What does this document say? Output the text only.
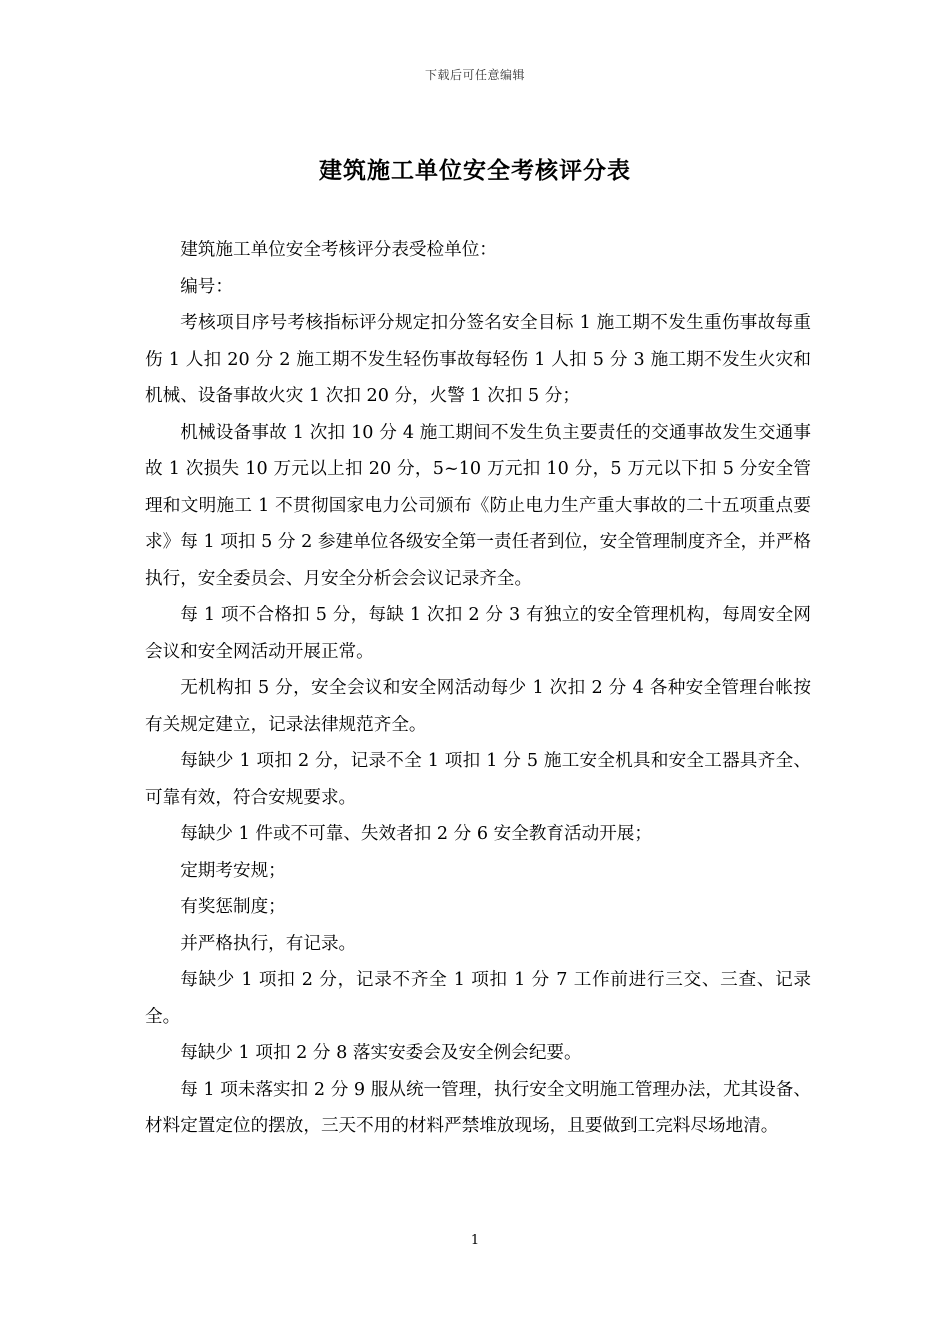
下载后可任意编辑
建筑施工单位安全考核评分表

建筑施工单位安全考核评分表受检单位：

编号：

考核项目序号考核指标评分规定扣分签名安全目标 1 施工期不发生重伤事故每重伤 1 人扣 20 分 2 施工期不发生轻伤事故每轻伤 1 人扣 5 分 3 施工期不发生火灾和机械、设备事故火灾 1 次扣 20 分，火警 1 次扣 5 分；

机械设备事故 1 次扣 10 分 4 施工期间不发生负主要责任的交通事故发生交通事故 1 次损失 10 万元以上扣 20 分，5~10 万元扣 10 分，5 万元以下扣 5 分安全管理和文明施工 1 不贯彻国家电力公司颁布《防止电力生产重大事故的二十五项重点要求》每 1 项扣 5 分 2 参建单位各级安全第一责任者到位，安全管理制度齐全，并严格执行，安全委员会、月安全分析会会议记录齐全。

每 1 项不合格扣 5 分，每缺 1 次扣 2 分 3 有独立的安全管理机构，每周安全网会议和安全网活动开展正常。

无机构扣 5 分，安全会议和安全网活动每少 1 次扣 2 分 4 各种安全管理台帐按有关规定建立，记录法律规范齐全。

每缺少 1 项扣 2 分，记录不全 1 项扣 1 分 5 施工安全机具和安全工器具齐全、可靠有效，符合安规要求。

每缺少 1 件或不可靠、失效者扣 2 分 6 安全教育活动开展；

定期考安规；

有奖惩制度；

并严格执行，有记录。

每缺少 1 项扣 2 分，记录不齐全 1 项扣 1 分 7 工作前进行三交、三查、记录全。

每缺少 1 项扣 2 分 8 落实安委会及安全例会纪要。

每 1 项未落实扣 2 分 9 服从统一管理，执行安全文明施工管理办法，尤其设备、材料定置定位的摆放，三天不用的材料严禁堆放现场，且要做到工完料尽场地清。

1
